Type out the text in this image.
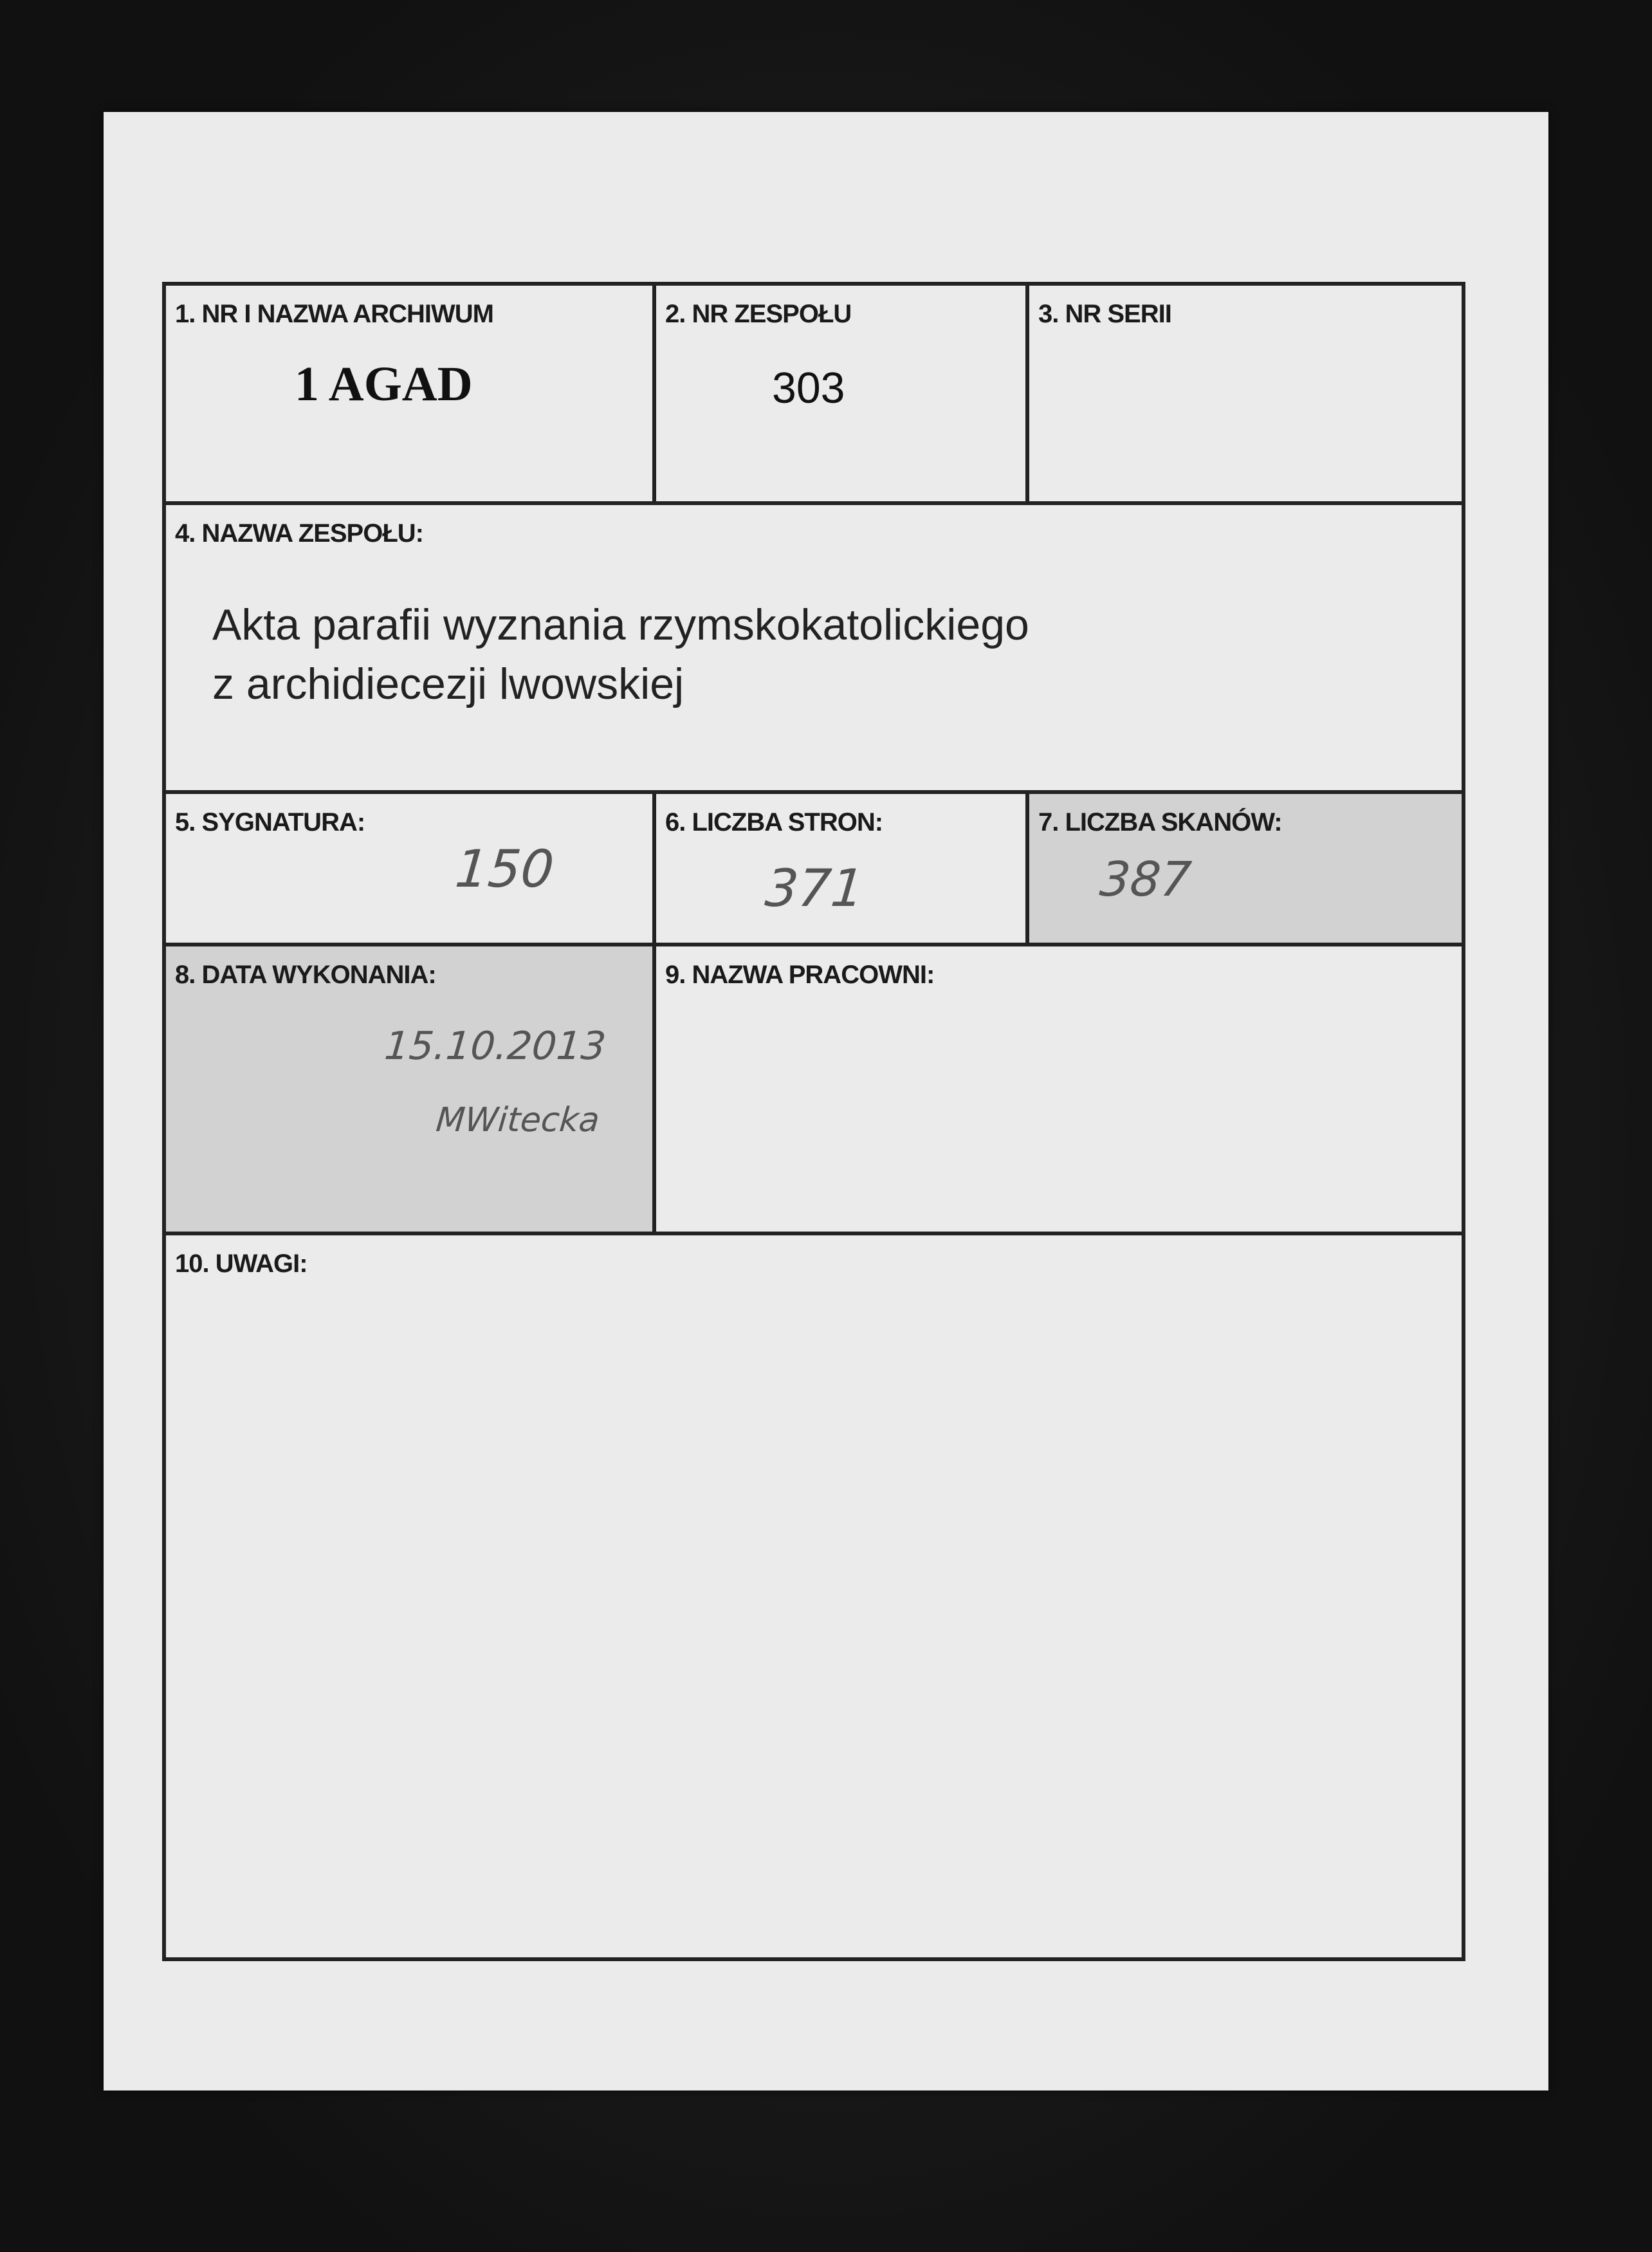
1. NR I NAZWA ARCHIWUM
1 AGAD
2. NR ZESPOŁU
303
3. NR SERII
4. NAZWA ZESPOŁU:
Akta parafii wyznania rzymskokatolickiego
z archidiecezji lwowskiej
5. SYGNATURA:
150
6. LICZBA STRON:
371
7. LICZBA SKANÓW:
387
8. DATA WYKONANIA:
15.10.2013
MWitecka
9. NAZWA PRACOWNI:
10. UWAGI:
